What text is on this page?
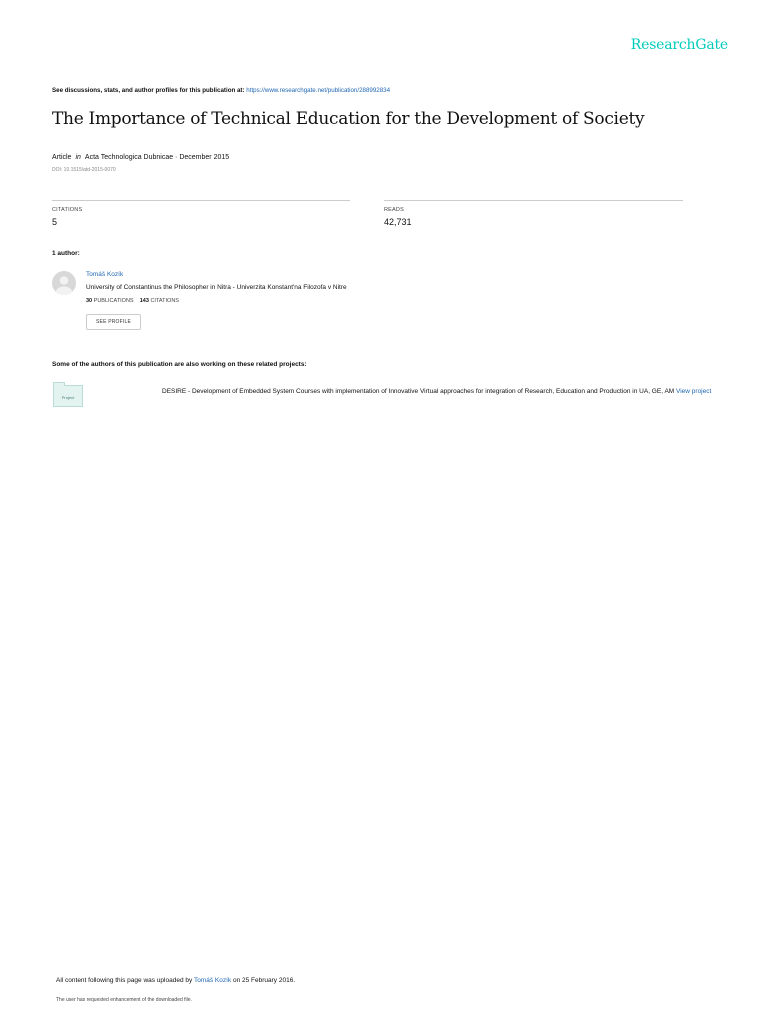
ResearchGate
See discussions, stats, and author profiles for this publication at: https://www.researchgate.net/publication/288992834
The Importance of Technical Education for the Development of Society
Article in Acta Technologica Dubnicae · December 2015
DOI: 10.1515/atd-2015-0070
CITATIONS
5
READS
42,731
1 author:
Tomáš Kozík
University of Constantinus the Philosopher in Nitra - Univerzita Konstant'na Filozofa v Nitre
30 PUBLICATIONS 143 CITATIONS
SEE PROFILE
Some of the authors of this publication are also working on these related projects:
Project
DESIRE - Development of Embedded System Courses with implementation of Innovative Virtual approaches for integration of Research, Education and Production in UA, GE, AM View project
All content following this page was uploaded by Tomáš Kozík on 25 February 2016.
The user has requested enhancement of the downloaded file.
